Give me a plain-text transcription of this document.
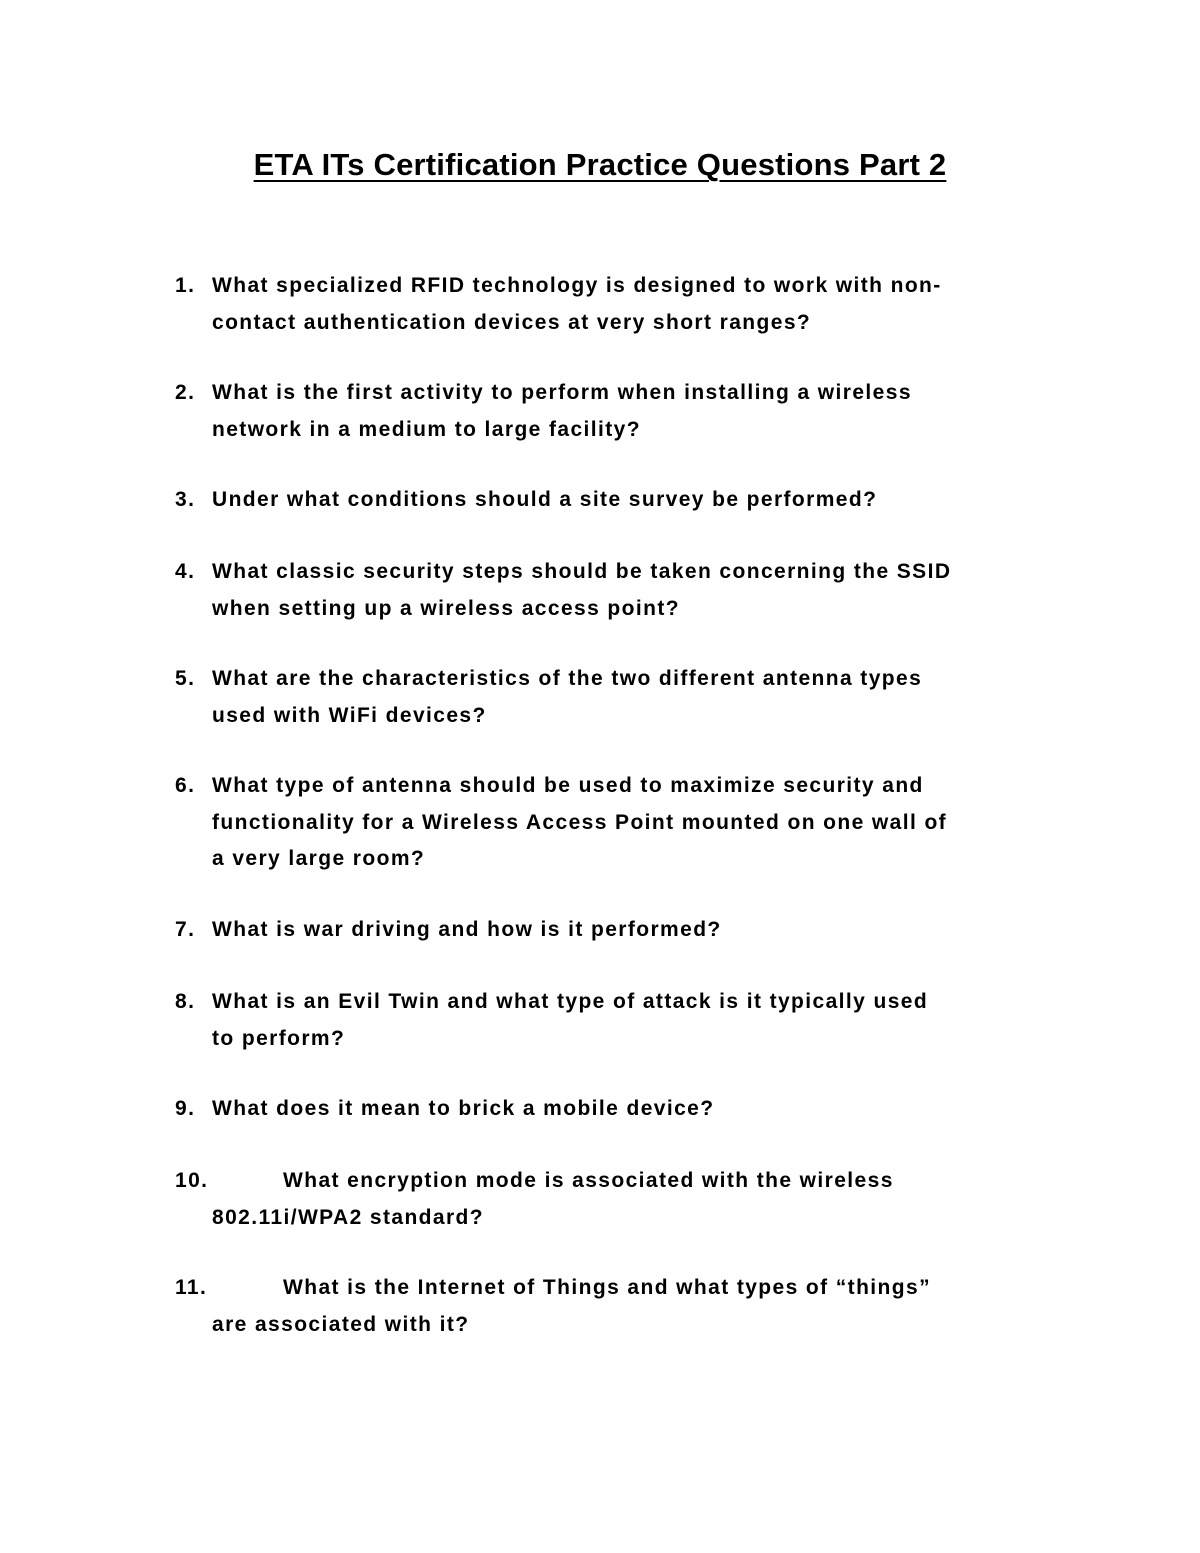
ETA ITs Certification Practice Questions Part 2
1. What specialized RFID technology is designed to work with non-
contact authentication devices at very short ranges?
2. What is the first activity to perform when installing a wireless
network in a medium to large facility?
3. Under what conditions should a site survey be performed?
4. What classic security steps should be taken concerning the SSID
when setting up a wireless access point?
5. What are the characteristics of the two different antenna types
used with WiFi devices?
6. What type of antenna should be used to maximize security and
functionality for a Wireless Access Point mounted on one wall of
a very large room?
7. What is war driving and how is it performed?
8. What is an Evil Twin and what type of attack is it typically used
to perform?
9. What does it mean to brick a mobile device?
10.	What encryption mode is associated with the wireless
802.11i/WPA2 standard?
11.	What is the Internet of Things and what types of “things”
are associated with it?
